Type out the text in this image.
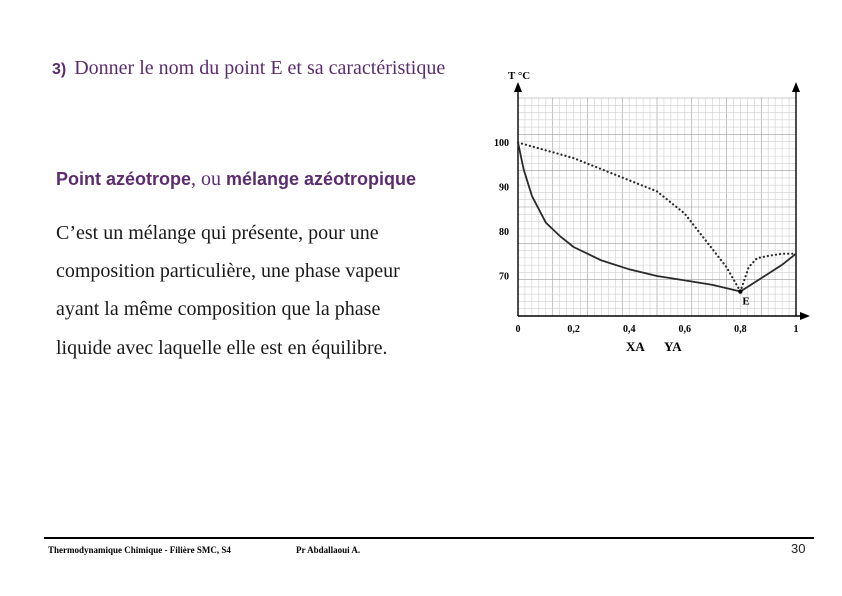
3) Donner le nom du point E et sa caractéristique
Point azéotrope, ou mélange azéotropique
C’est un mélange qui présente, pour une
composition particulière, une phase vapeur
ayant la même composition que la phase
liquide avec laquelle elle est en équilibre.
0	0,2	0,4	0,6	0,8	1
100
90
80
70
T °C
E
XA YA
Thermodynamique Chimique - Filière SMC, S4	Pr Abdallaoui A.	30
